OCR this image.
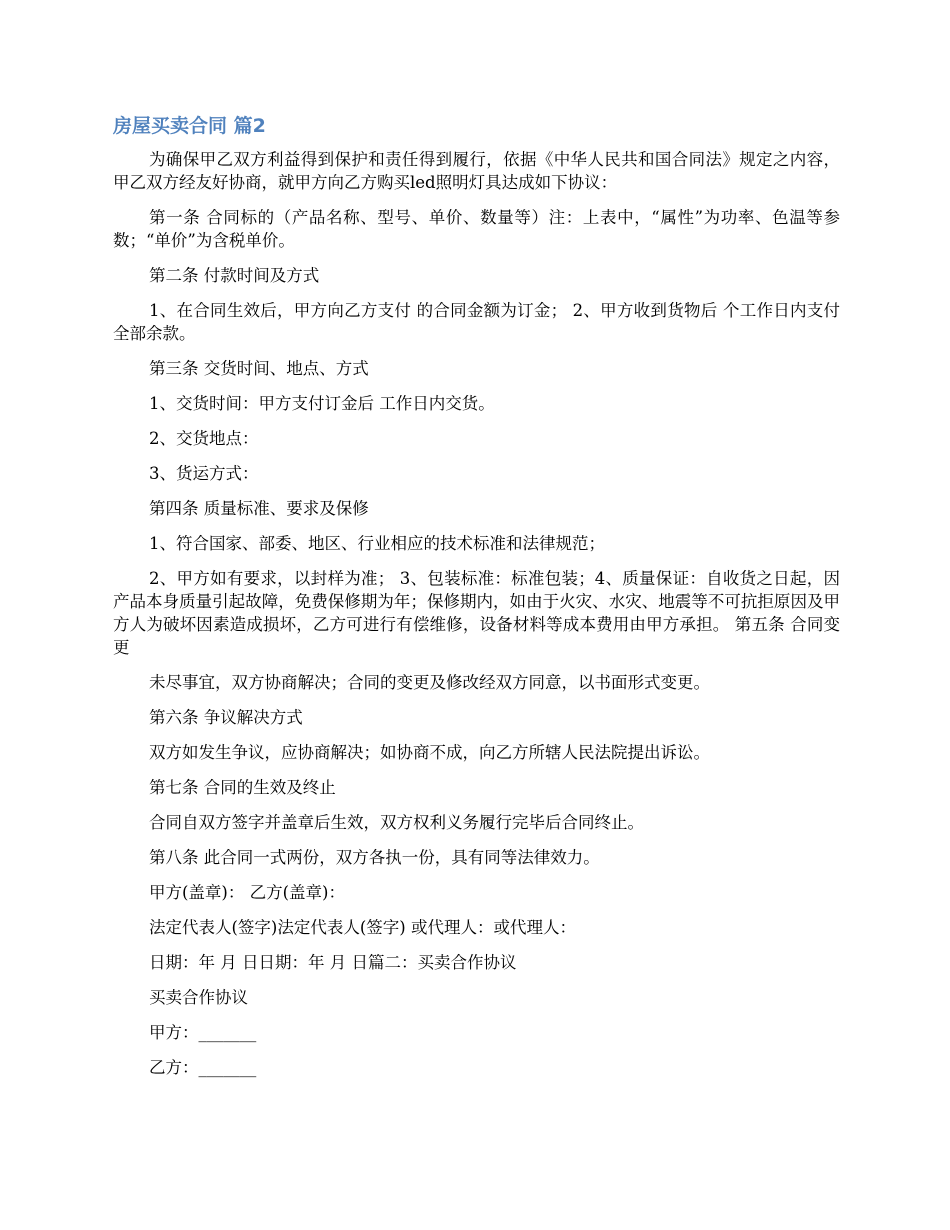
房屋买卖合同 篇2

为确保甲乙双方利益得到保护和责任得到履行，依据《中华人民共和国合同法》规定之内容，甲乙双方经友好协商，就甲方向乙方购买led照明灯具达成如下协议：

第一条 合同标的（产品名称、型号、单价、数量等）注：上表中，“属性”为功率、色温等参数；“单价”为含税单价。

第二条 付款时间及方式

1、在合同生效后，甲方向乙方支付 的合同金额为订金； 2、甲方收到货物后 个工作日内支付全部余款。

第三条 交货时间、地点、方式

1、交货时间：甲方支付订金后 工作日内交货。

2、交货地点：

3、货运方式：

第四条 质量标准、要求及保修

1、符合国家、部委、地区、行业相应的技术标准和法律规范；

2、甲方如有要求，以封样为准； 3、包装标准：标准包装；4、质量保证：自收货之日起，因产品本身质量引起故障，免费保修期为年；保修期内，如由于火灾、水灾、地震等不可抗拒原因及甲方人为破坏因素造成损坏，乙方可进行有偿维修，设备材料等成本费用由甲方承担。 第五条 合同变更

未尽事宜，双方协商解决；合同的变更及修改经双方同意，以书面形式变更。

第六条 争议解决方式

双方如发生争议，应协商解决；如协商不成，向乙方所辖人民法院提出诉讼。

第七条 合同的生效及终止

合同自双方签字并盖章后生效，双方权利义务履行完毕后合同终止。

第八条 此合同一式两份，双方各执一份，具有同等法律效力。

甲方(盖章)： 乙方(盖章)：

法定代表人(签字)法定代表人(签字) 或代理人：或代理人：

日期：年 月 日日期：年 月 日篇二：买卖合作协议

买卖合作协议

甲方：_______

乙方：_______
